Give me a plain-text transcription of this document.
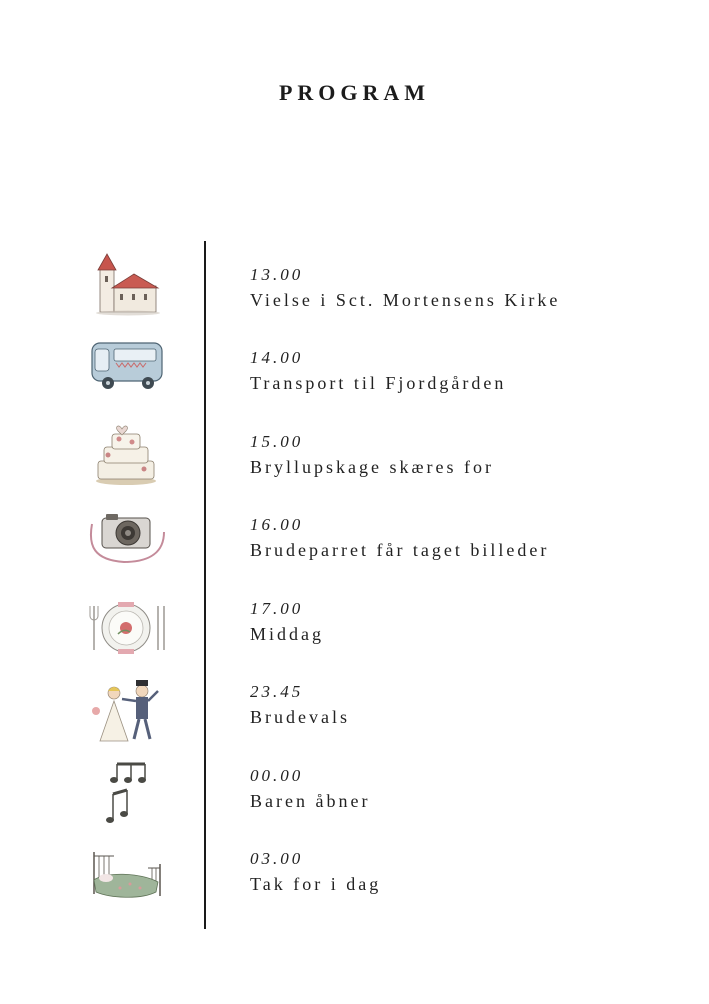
PROGRAM
13.00
Vielse i Sct. Mortensens Kirke
14.00
Transport til Fjordgården
15.00
Bryllupskage skæres for
16.00
Brudeparret får taget billeder
17.00
Middag
23.45
Brudevals
00.00
Baren åbner
03.00
Tak for i dag
